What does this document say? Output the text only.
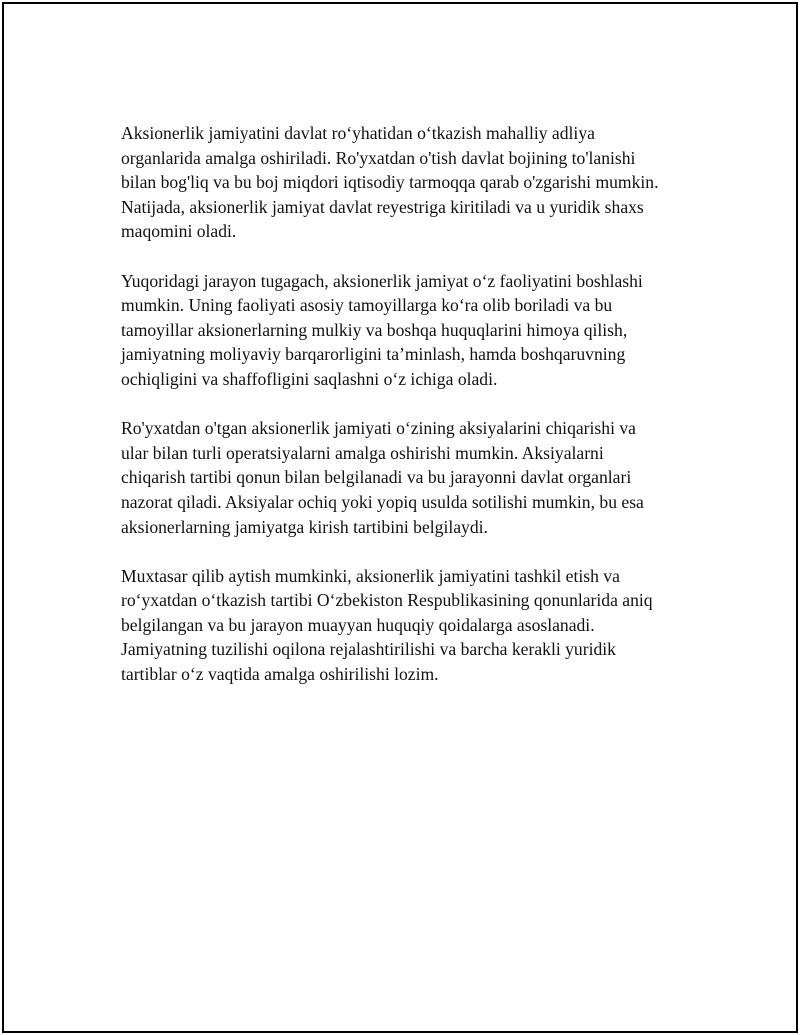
Aksionerlik jamiyatini davlat roʻyhatidan oʻtkazish mahalliy adliya
organlarida amalga oshiriladi. Ro'yxatdan o'tish davlat bojining to'lanishi
bilan bog'liq va bu boj miqdori iqtisodiy tarmoqqa qarab o'zgarishi mumkin.
Natijada, aksionerlik jamiyat davlat reyestriga kiritiladi va u yuridik shaxs
maqomini oladi.

Yuqoridagi jarayon tugagach, aksionerlik jamiyat oʻz faoliyatini boshlashi
mumkin. Uning faoliyati asosiy tamoyillarga koʻra olib boriladi va bu
tamoyillar aksionerlarning mulkiy va boshqa huquqlarini himoya qilish,
jamiyatning moliyaviy barqarorligini taʼminlash, hamda boshqaruvning
ochiqligini va shaffofligini saqlashni oʻz ichiga oladi.

Ro'yxatdan o'tgan aksionerlik jamiyati oʻzining aksiyalarini chiqarishi va
ular bilan turli operatsiyalarni amalga oshirishi mumkin. Aksiyalarni
chiqarish tartibi qonun bilan belgilanadi va bu jarayonni davlat organlari
nazorat qiladi. Aksiyalar ochiq yoki yopiq usulda sotilishi mumkin, bu esa
aksionerlarning jamiyatga kirish tartibini belgilaydi.

Muxtasar qilib aytish mumkinki, aksionerlik jamiyatini tashkil etish va
roʻyxatdan oʻtkazish tartibi Oʻzbekiston Respublikasining qonunlarida aniq
belgilangan va bu jarayon muayyan huquqiy qoidalarga asoslanadi.
Jamiyatning tuzilishi oqilona rejalashtirilishi va barcha kerakli yuridik
tartiblar oʻz vaqtida amalga oshirilishi lozim.
